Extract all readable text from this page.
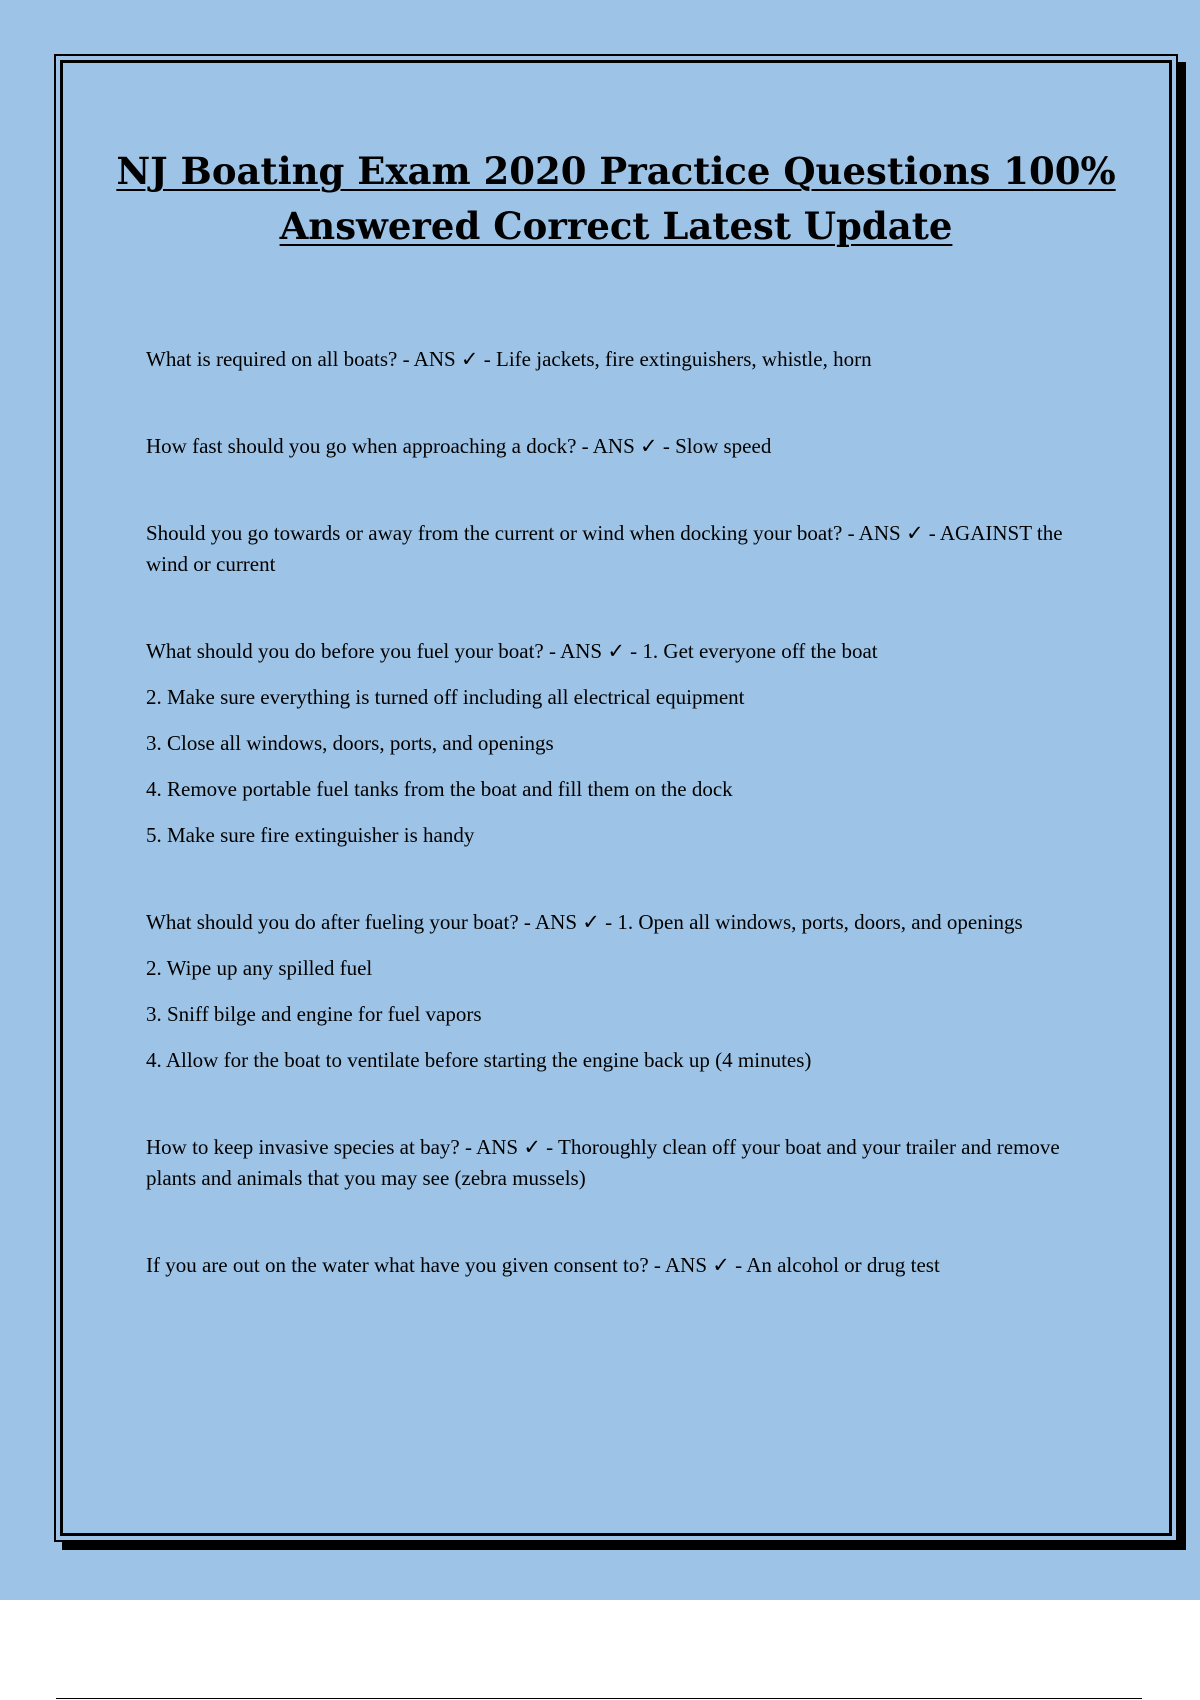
NJ Boating Exam 2020 Practice Questions 100% Answered Correct Latest Update

What is required on all boats? - ANS ✓ - Life jackets, fire extinguishers, whistle, horn

How fast should you go when approaching a dock? - ANS ✓ - Slow speed

Should you go towards or away from the current or wind when docking your boat? - ANS ✓ - AGAINST the wind or current

What should you do before you fuel your boat? - ANS ✓ - 1. Get everyone off the boat

2. Make sure everything is turned off including all electrical equipment

3. Close all windows, doors, ports, and openings

4. Remove portable fuel tanks from the boat and fill them on the dock

5. Make sure fire extinguisher is handy

What should you do after fueling your boat? - ANS ✓ - 1. Open all windows, ports, doors, and openings

2. Wipe up any spilled fuel

3. Sniff bilge and engine for fuel vapors

4. Allow for the boat to ventilate before starting the engine back up (4 minutes)

How to keep invasive species at bay? - ANS ✓ - Thoroughly clean off your boat and your trailer and remove plants and animals that you may see (zebra mussels)

If you are out on the water what have you given consent to? - ANS ✓ - An alcohol or drug test
